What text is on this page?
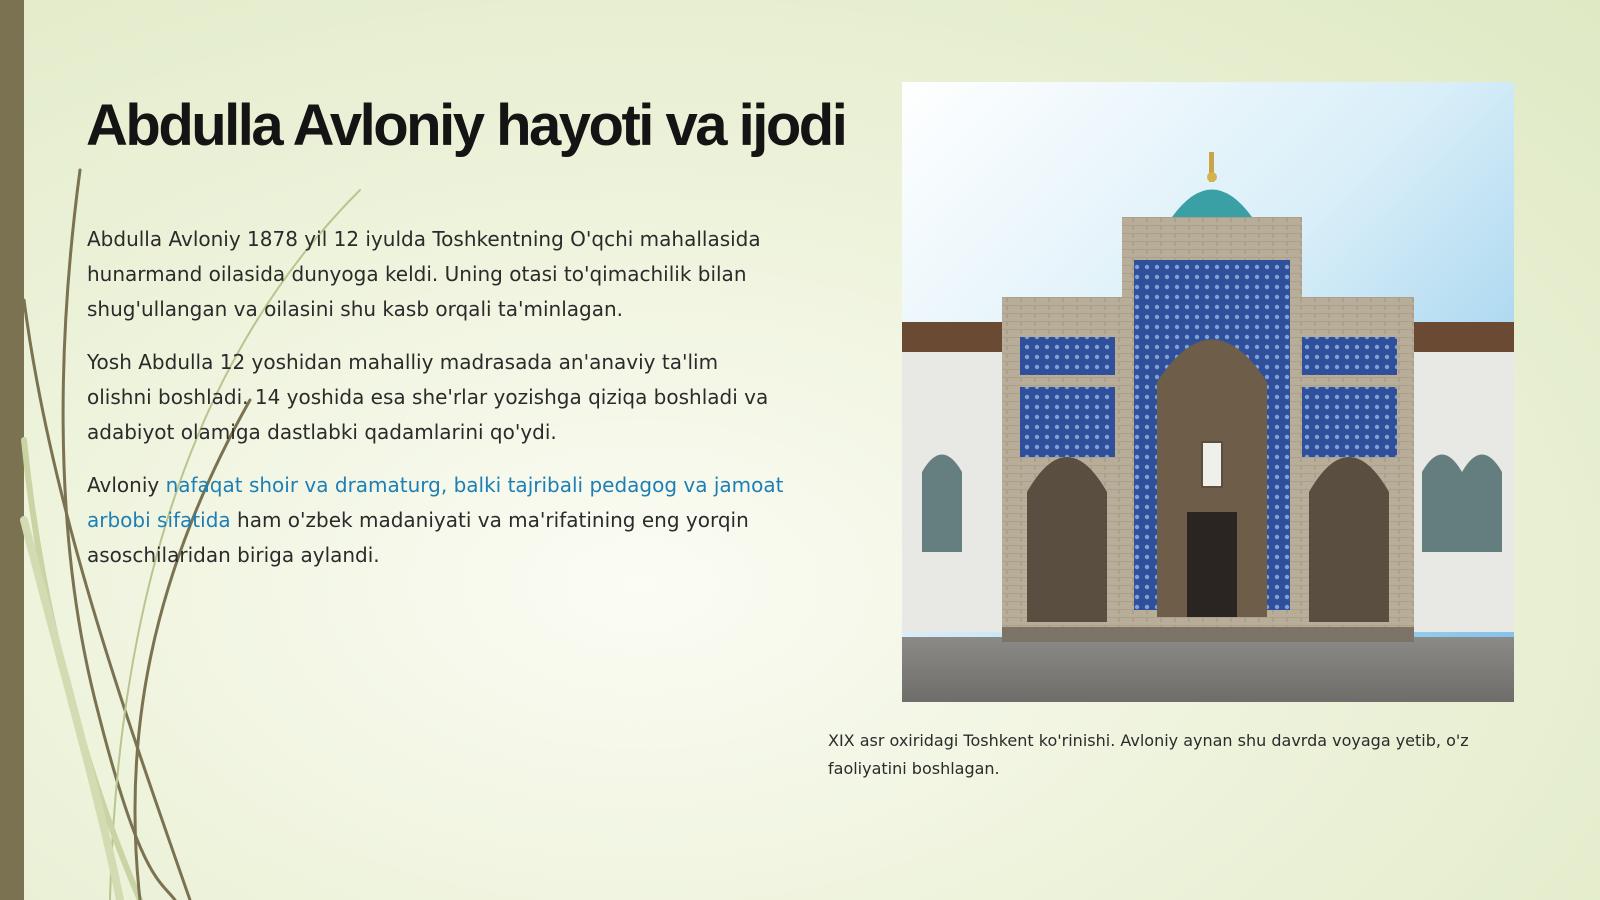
Abdulla Avloniy hayoti va ijodi

Abdulla Avloniy 1878 yil 12 iyulda Toshkentning O'qchi mahallasida hunarmand oilasida dunyoga keldi. Uning otasi to'qimachilik bilan shug'ullangan va oilasini shu kasb orqali ta'minlagan.

Yosh Abdulla 12 yoshidan mahalliy madrasada an'anaviy ta'lim olishni boshladi. 14 yoshida esa she'rlar yozishga qiziqa boshladi va adabiyot olamiga dastlabki qadamlarini qo'ydi.

Avloniy nafaqat shoir va dramaturg, balki tajribali pedagog va jamoat arbobi sifatida ham o'zbek madaniyati va ma'rifatining eng yorqin asoschilaridan biriga aylandi.

XIX asr oxiridagi Toshkent ko'rinishi. Avloniy aynan shu davrda voyaga yetib, o'z faoliyatini boshlagan.
